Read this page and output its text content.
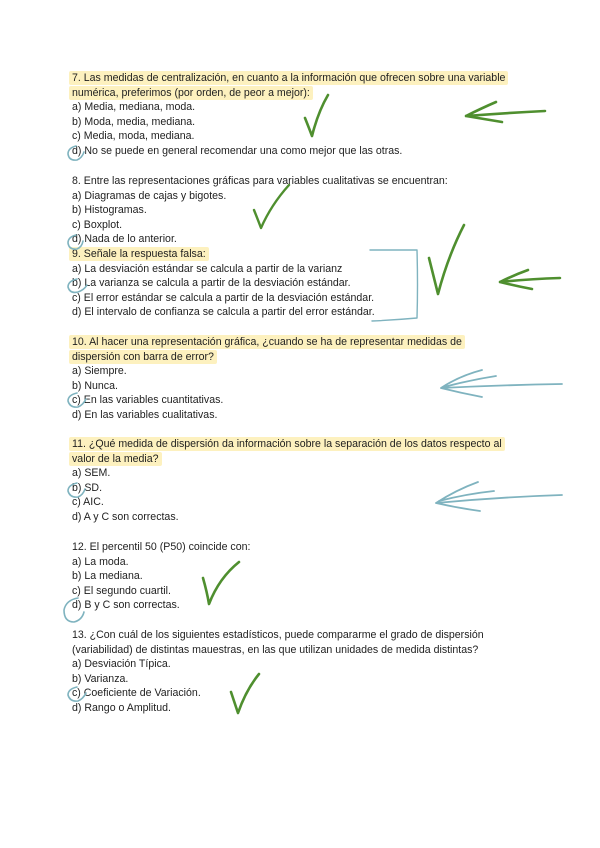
7. Las medidas de centralización, en cuanto a la información que ofrecen sobre una variable
numérica, preferimos (por orden, de peor a mejor):
a) Media, mediana, moda.
b) Moda, media, mediana.
c) Media, moda, mediana.
d) No se puede en general recomendar una como mejor que las otras.
8. Entre las representaciones gráficas para variables cualitativas se encuentran:
a) Diagramas de cajas y bigotes.
b) Histogramas.
c) Boxplot.
d) Nada de lo anterior.
9. Señale la respuesta falsa:
a) La desviación estándar se calcula a partir de la varianz
b) La varianza se calcula a partir de la desviación estándar.
c) El error estándar se calcula a partir de la desviación estándar.
d) El intervalo de confianza se calcula a partir del error estándar.
10. Al hacer una representación gráfica, ¿cuando se ha de representar medidas de
dispersión con barra de error?
a) Siempre.
b) Nunca.
c) En las variables cuantitativas.
d) En las variables cualitativas.
11. ¿Qué medida de dispersión da información sobre la separación de los datos respecto al
valor de la media?
a) SEM.
b) SD.
c) AIC.
d) A y C son correctas.
12. El percentil 50 (P50) coincide con:
a) La moda.
b) La mediana.
c) El segundo cuartil.
d) B y C son correctas.
13. ¿Con cuál de los siguientes estadísticos, puede compararme el grado de dispersión
(variabilidad) de distintas mauestras, en las que utilizan unidades de medida distintas?
a) Desviación Típica.
b) Varianza.
c) Coeficiente de Variación.
d) Rango o Amplitud.
